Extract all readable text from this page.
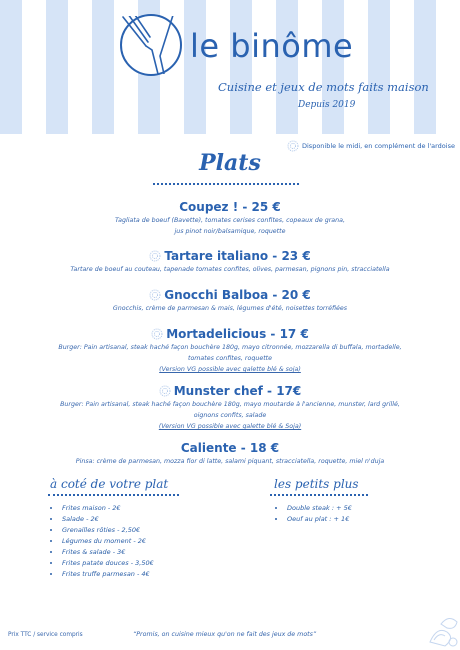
le binôme
Cuisine et jeux de mots faits maison
Depuis 2019
Disponible le midi, en complément de l'ardoise
Plats
Coupez ! - 25 €
Tagliata de boeuf (Bavette), tomates cerises confites, copeaux de grana,
jus pinot noir/balsamique, roquette
Tartare italiano - 23 €
Tartare de boeuf au couteau, tapenade tomates confites, olives, parmesan, pignons pin, stracciatella
Gnocchi Balboa - 20 €
Gnocchis, crème de parmesan & mais, légumes d'été, noisettes torréfiées
Mortadelicious - 17 €
Burger: Pain artisanal, steak haché façon bouchère 180g, mayo citronnée, mozzarella di buffala, mortadelle,
tomates confites, roquette
(Version VG possible avec galette blé & soja)
Munster chef - 17€
Burger: Pain artisanal, steak haché façon bouchère 180g, mayo moutarde à l'ancienne, munster, lard grillé,
oignons confits, salade
(Version VG possible avec galette blé & Soja)
Caliente - 18 €
Pinsa: crème de parmesan, mozza fior di latte, salami piquant, stracciatella, roquette, miel n'duja
à coté de votre plat
• Frites maison - 2€
• Salade - 2€
• Grenailles rôties - 2,50€
• Légumes du moment - 2€
• Frites & salade - 3€
• Frites patate douces - 3,50€
• Frites truffe parmesan - 4€
les petits plus
• Double steak : + 5€
• Oeuf au plat : + 1€
Prix TTC / service compris	“Promis, on cuisine mieux qu'on ne fait des jeux de mots”
